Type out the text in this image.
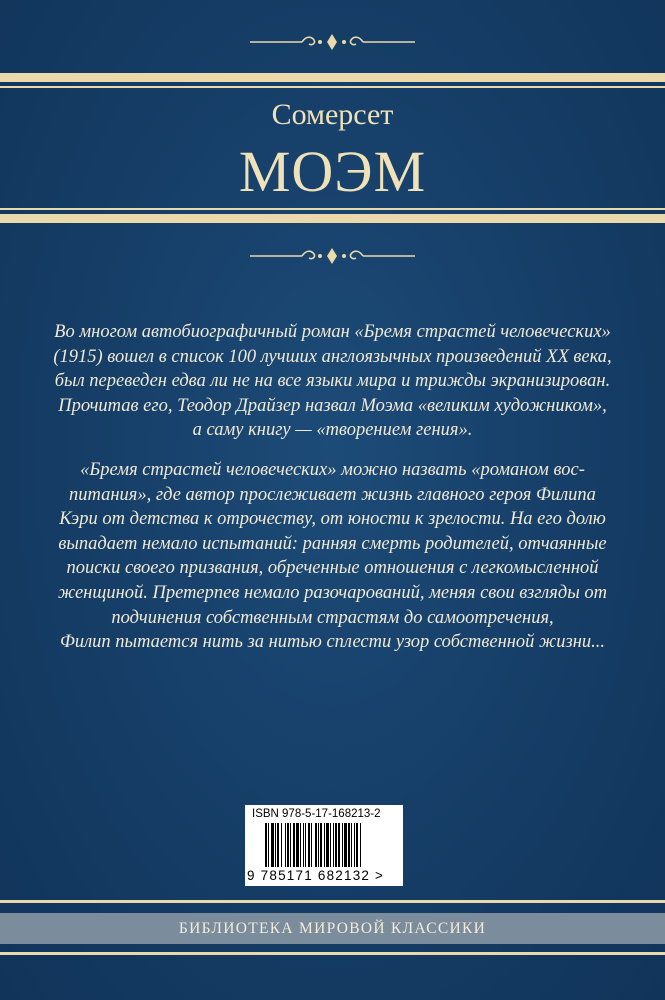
Сомерсет
МОЭМ

Во многом автобиографичный роман «Бремя страстей человеческих»

(1915) вошел в список 100 лучших англоязычных произведений XX века,

был переведен едва ли не на все языки мира и трижды экранизирован.

Прочитав его, Теодор Драйзер назвал Моэма «великим художником»,

а саму книгу — «творением гения».

«Бремя страстей человеческих» можно назвать «романом вос-

питания», где автор прослеживает жизнь главного героя Филипа

Кэри от детства к отрочеству, от юности к зрелости. На его долю

выпадает немало испытаний: ранняя смерть родителей, отчаянные

поиски своего призвания, обреченные отношения с легкомысленной

женщиной. Претерпев немало разочарований, меняя свои взгляды от

подчинения собственным страстям до самоотречения,

Филип пытается нить за нитью сплести узор собственной жизни...

ISBN 978-5-17-168213-2
9 785171 682132 >
БИБЛИОТЕКА МИРОВОЙ КЛАССИКИ
